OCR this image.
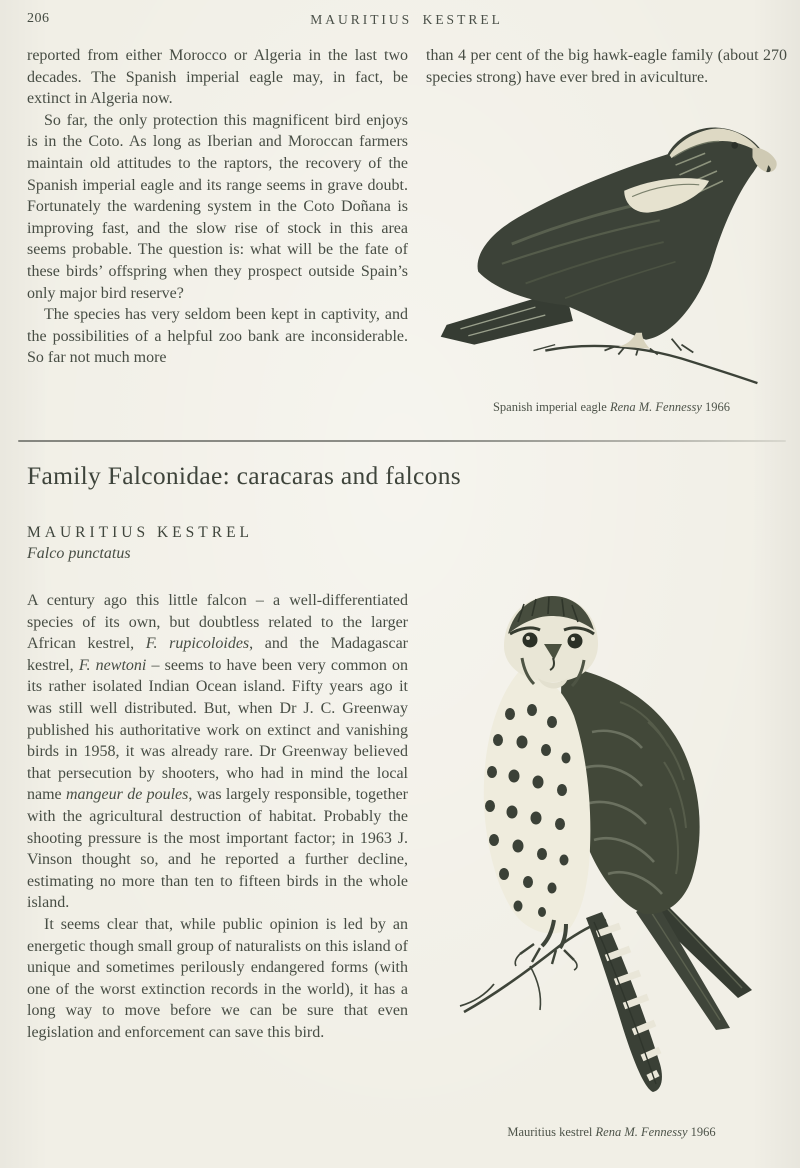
206	MAURITIUS KESTREL

reported from either Morocco or Algeria in the last two decades. The Spanish imperial eagle may, in fact, be extinct in Algeria now.

So far, the only protection this magnificent bird enjoys is in the Coto. As long as Iberian and Moroccan farmers maintain old attitudes to the raptors, the recovery of the Spanish imperial eagle and its range seems in grave doubt. Fortunately the wardening system in the Coto Doñana is improving fast, and the slow rise of stock in this area seems probable. The question is: what will be the fate of these birds’ offspring when they prospect outside Spain’s only major bird reserve?

The species has very seldom been kept in captivity, and the possibilities of a helpful zoo bank are inconsiderable. So far not much more

than 4 per cent of the big hawk-eagle family (about 270 species strong) have ever bred in aviculture.

Spanish imperial eagle Rena M. Fennessy 1966
Family Falconidae: caracaras and falcons
MAURITIUS KESTREL
Falco punctatus

A century ago this little falcon – a well-differentiated species of its own, but doubtless related to the larger African kestrel, F. rupicoloides, and the Madagascar kestrel, F. newtoni – seems to have been very common on its rather isolated Indian Ocean island. Fifty years ago it was still well distributed. But, when Dr J. C. Greenway published his authoritative work on extinct and vanishing birds in 1958, it was already rare. Dr Greenway believed that persecution by shooters, who had in mind the local name mangeur de poules, was largely responsible, together with the agricultural destruction of habitat. Probably the shooting pressure is the most important factor; in 1963 J. Vinson thought so, and he reported a further decline, estimating no more than ten to fifteen birds in the whole island.

It seems clear that, while public opinion is led by an energetic though small group of naturalists on this island of unique and sometimes perilously endangered forms (with one of the worst extinction records in the world), it has a long way to move before we can be sure that even legislation and enforcement can save this bird.

Mauritius kestrel Rena M. Fennessy 1966
